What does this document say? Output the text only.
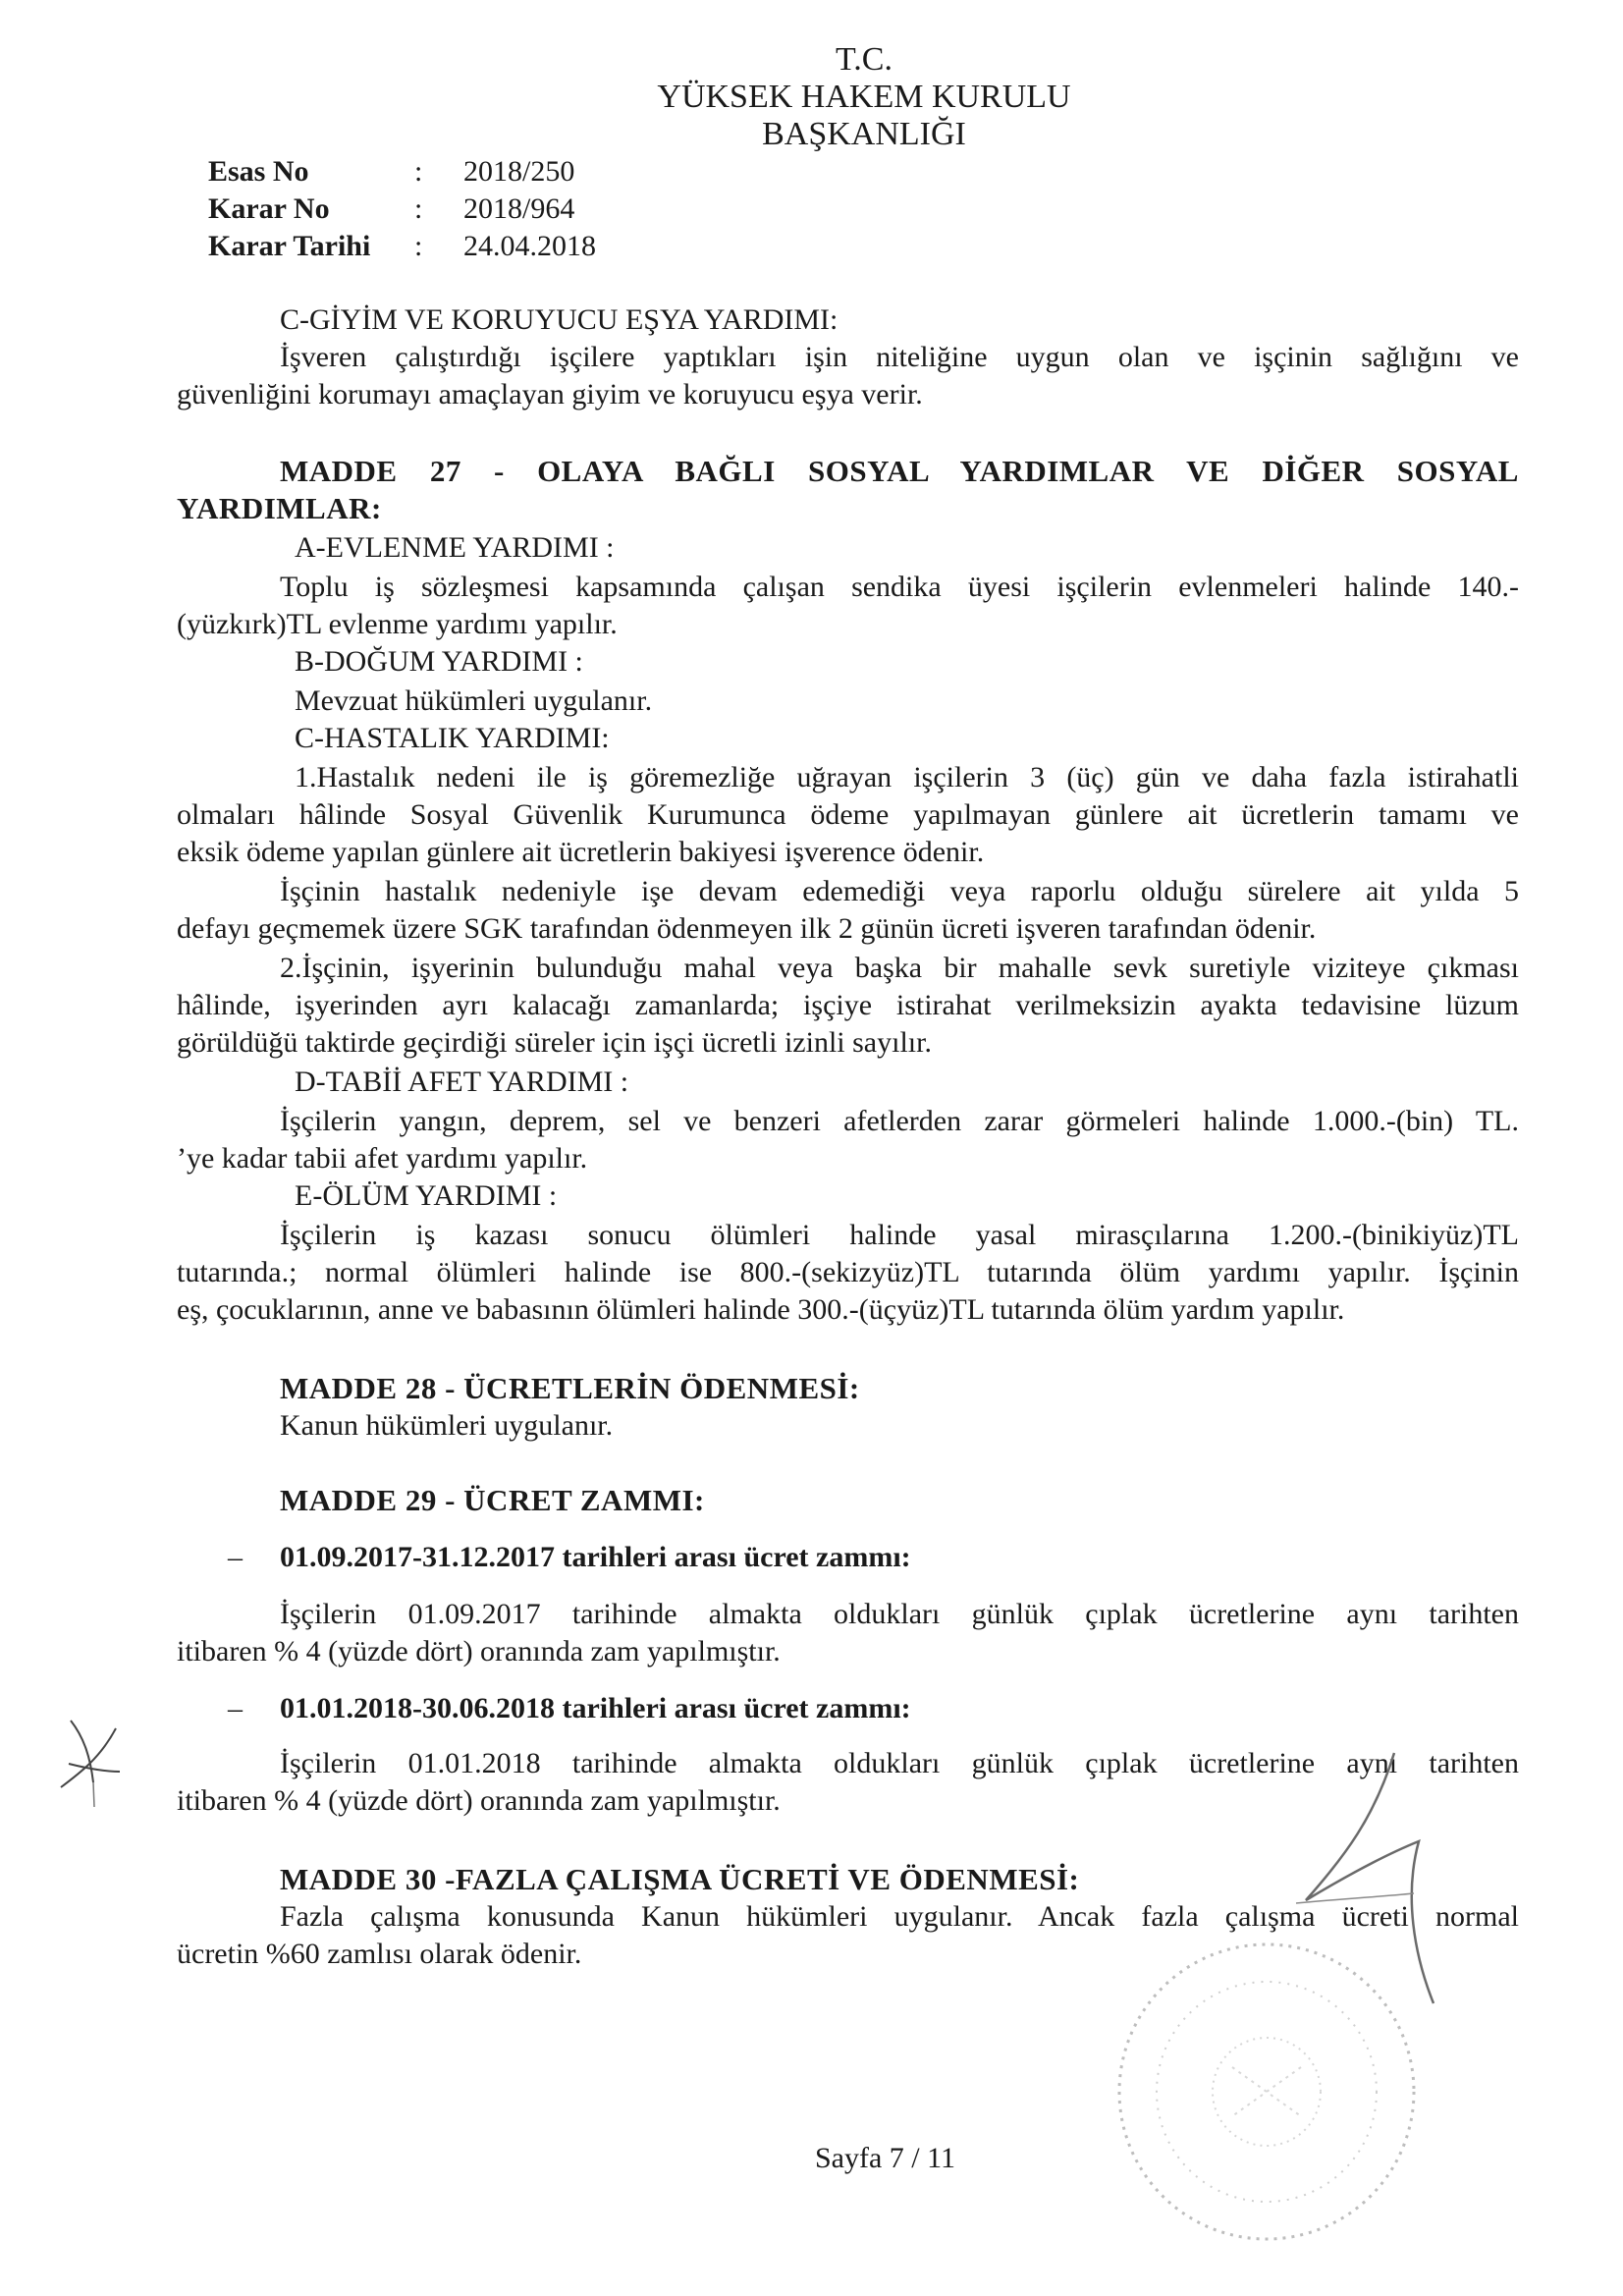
T.C.
YÜKSEK HAKEM KURULU
BAŞKANLIĞI
Esas No	: 2018/250
Karar No	: 2018/964
Karar Tarihi : 24.04.2018
C-GİYİM VE KORUYUCU EŞYA YARDIMI:
İşveren çalıştırdığı işçilere yaptıkları işin niteliğine uygun olan ve işçinin sağlığını ve
güvenliğini korumayı amaçlayan giyim ve koruyucu eşya verir.
MADDE 27 - OLAYA BAĞLI SOSYAL YARDIMLAR VE DİĞER SOSYAL
YARDIMLAR:
A-EVLENME YARDIMI :
Toplu iş sözleşmesi kapsamında çalışan sendika üyesi işçilerin evlenmeleri halinde 140.-
(yüzkırk)TL evlenme yardımı yapılır.
B-DOĞUM YARDIMI :
Mevzuat hükümleri uygulanır.
C-HASTALIK YARDIMI:
1.Hastalık nedeni ile iş göremezliğe uğrayan işçilerin 3 (üç) gün ve daha fazla istirahatli
olmaları hâlinde Sosyal Güvenlik Kurumunca ödeme yapılmayan günlere ait ücretlerin tamamı ve
eksik ödeme yapılan günlere ait ücretlerin bakiyesi işverence ödenir.
İşçinin hastalık nedeniyle işe devam edemediği veya raporlu olduğu sürelere ait yılda 5
defayı geçmemek üzere SGK tarafından ödenmeyen ilk 2 günün ücreti işveren tarafından ödenir.
2.İşçinin, işyerinin bulunduğu mahal veya başka bir mahalle sevk suretiyle viziteye çıkması
hâlinde, işyerinden ayrı kalacağı zamanlarda; işçiye istirahat verilmeksizin ayakta tedavisine lüzum
görüldüğü taktirde geçirdiği süreler için işçi ücretli izinli sayılır.
D-TABİİ AFET YARDIMI :
İşçilerin yangın, deprem, sel ve benzeri afetlerden zarar görmeleri halinde 1.000.-(bin) TL.
’ye kadar tabii afet yardımı yapılır.
E-ÖLÜM YARDIMI :
İşçilerin iş kazası sonucu ölümleri halinde yasal mirasçılarına 1.200.-(binikiyüz)TL
tutarında.; normal ölümleri halinde ise 800.-(sekizyüz)TL tutarında ölüm yardımı yapılır. İşçinin
eş, çocuklarının, anne ve babasının ölümleri halinde 300.-(üçyüz)TL tutarında ölüm yardım yapılır.
MADDE 28 - ÜCRETLERİN ÖDENMESİ:
Kanun hükümleri uygulanır.
MADDE 29 - ÜCRET ZAMMI:
– 01.09.2017-31.12.2017 tarihleri arası ücret zammı:
İşçilerin 01.09.2017 tarihinde almakta oldukları günlük çıplak ücretlerine aynı tarihten
itibaren % 4 (yüzde dört) oranında zam yapılmıştır.
– 01.01.2018-30.06.2018 tarihleri arası ücret zammı:
İşçilerin 01.01.2018 tarihinde almakta oldukları günlük çıplak ücretlerine aynı tarihten
itibaren % 4 (yüzde dört) oranında zam yapılmıştır.
MADDE 30 -FAZLA ÇALIŞMA ÜCRETİ VE ÖDENMESİ:
Fazla çalışma konusunda Kanun hükümleri uygulanır. Ancak fazla çalışma ücreti normal
ücretin %60 zamlısı olarak ödenir.
Sayfa 7 / 11
